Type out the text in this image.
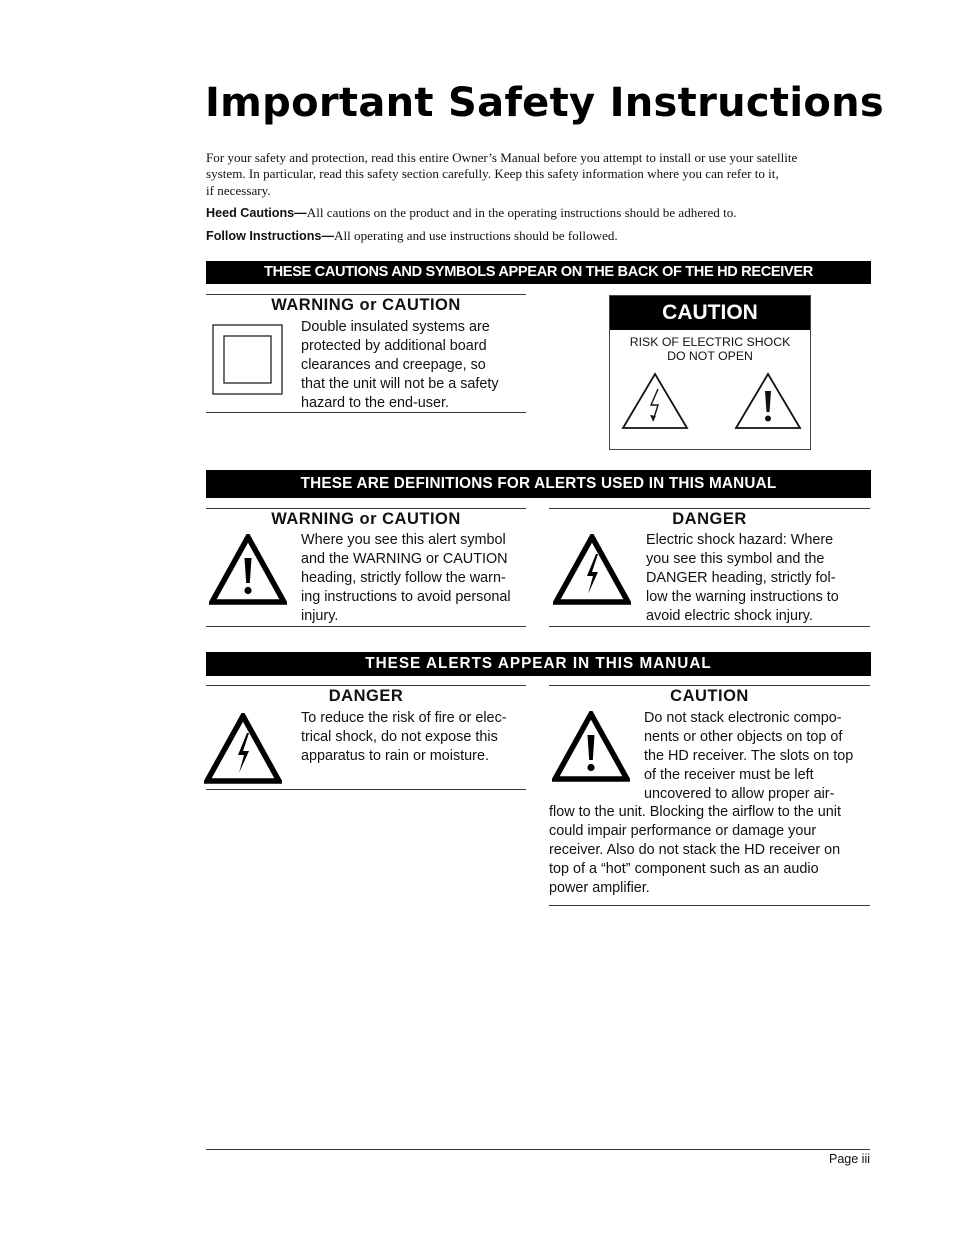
Important Safety Instructions
For your safety and protection, read this entire Owner’s Manual before you attempt to install or use your satellite
system. In particular, read this safety section carefully. Keep this safety information where you can refer to it,
if necessary.
Heed Cautions—All cautions on the product and in the operating instructions should be adhered to.
Follow Instructions—All operating and use instructions should be followed.
THESE CAUTIONS AND SYMBOLS APPEAR ON THE BACK OF THE HD RECEIVER
WARNING or CAUTION
Double insulated systems are
protected by additional board
clearances and creepage, so
that the unit will not be a safety
hazard to the end-user.
CAUTION
RISK OF ELECTRIC SHOCK
DO NOT OPEN
THESE ARE DEFINITIONS FOR ALERTS USED IN THIS MANUAL
WARNING or CAUTION
Where you see this alert symbol
and the WARNING or CAUTION
heading, strictly follow the warn-
ing instructions to avoid personal
injury.
DANGER
Electric shock hazard: Where
you see this symbol and the
DANGER heading, strictly fol-
low the warning instructions to
avoid electric shock injury.
THESE ALERTS APPEAR IN THIS MANUAL
DANGER
To reduce the risk of fire or elec-
trical shock, do not expose this
apparatus to rain or moisture.
CAUTION
Do not stack electronic compo-
nents or other objects on top of
the HD receiver. The slots on top
of the receiver must be left
uncovered to allow proper air-
flow to the unit. Blocking the airflow to the unit
could impair performance or damage your
receiver. Also do not stack the HD receiver on
top of a “hot” component such as an audio
power amplifier.
Page iii
